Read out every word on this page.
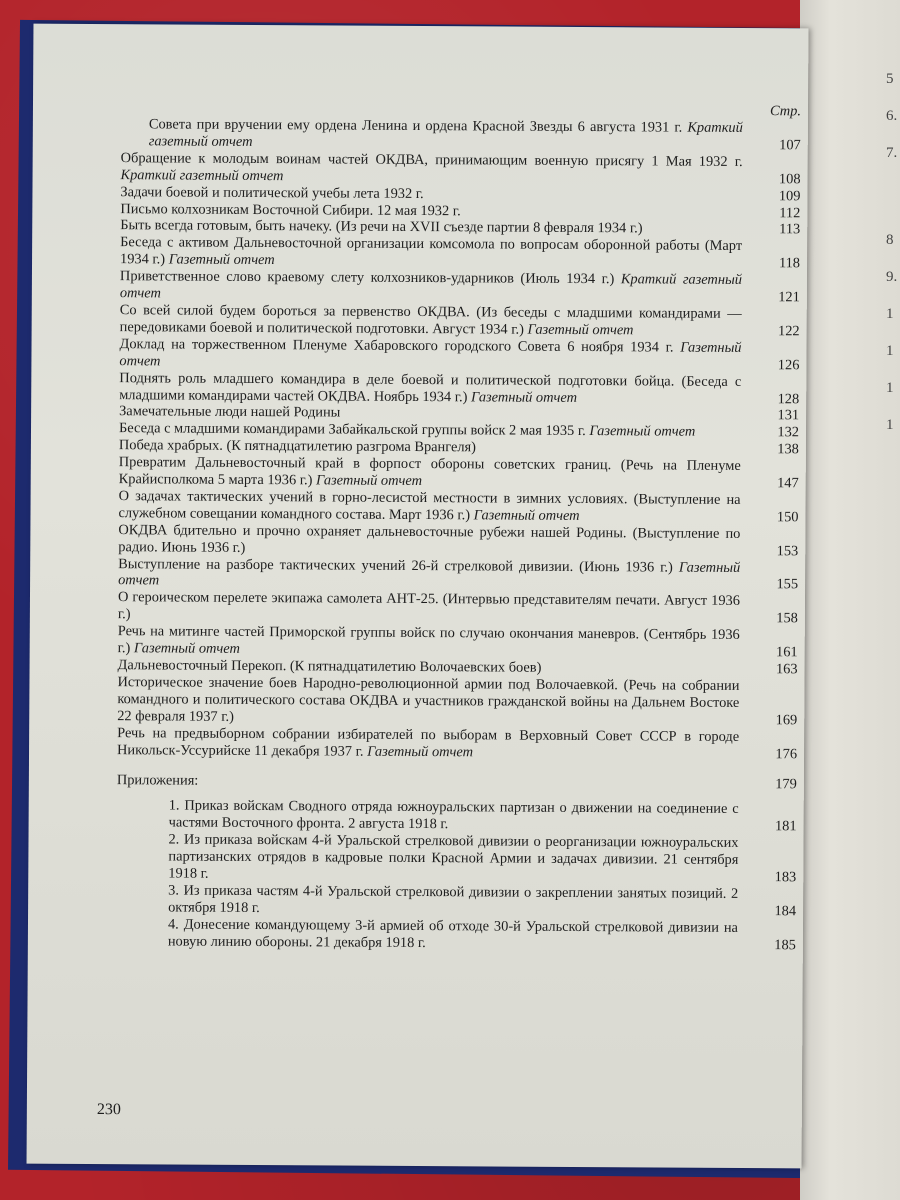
5
6.
7.
8
9.
1
1
1
1
Стр.
Совета при вручении ему ордена Ленина и ордена Красной Звезды 6 августа 1931 г. Краткий газетный отчет	107
Обращение к молодым воинам частей ОКДВА, принимающим военную присягу 1 Мая 1932 г. Краткий газетный отчет	108
Задачи боевой и политической учебы лета 1932 г.	109
Письмо колхозникам Восточной Сибири. 12 мая 1932 г.	112
Быть всегда готовым, быть начеку. (Из речи на XVII съезде партии 8 февраля 1934 г.)	113
Беседа с активом Дальневосточной организации комсомола по вопросам оборонной работы (Март 1934 г.) Газетный отчет	118
Приветственное слово краевому слету колхозников-ударников (Июль 1934 г.) Краткий газетный отчет	121
Со всей силой будем бороться за первенство ОКДВА. (Из беседы с младшими командирами — передовиками боевой и политической подготовки. Август 1934 г.) Газетный отчет	122
Доклад на торжественном Пленуме Хабаровского городского Совета 6 ноября 1934 г. Газетный отчет	126
Поднять роль младшего командира в деле боевой и политической подготовки бойца. (Беседа с младшими командирами частей ОКДВА. Ноябрь 1934 г.) Газетный отчет	128
Замечательные люди нашей Родины	131
Беседа с младшими командирами Забайкальской группы войск 2 мая 1935 г. Газетный отчет	132
Победа храбрых. (К пятнадцатилетию разгрома Врангеля)	138
Превратим Дальневосточный край в форпост обороны советских границ. (Речь на Пленуме Крайисполкома 5 марта 1936 г.) Газетный отчет	147
О задачах тактических учений в горно-лесистой местности в зимних условиях. (Выступление на служебном совещании командного состава. Март 1936 г.) Газетный отчет	150
ОКДВА бдительно и прочно охраняет дальневосточные рубежи нашей Родины. (Выступление по радио. Июнь 1936 г.)	153
Выступление на разборе тактических учений 26-й стрелковой дивизии. (Июнь 1936 г.) Газетный отчет	155
О героическом перелете экипажа самолета АНТ-25. (Интервью представителям печати. Август 1936 г.)	158
Речь на митинге частей Приморской группы войск по случаю окончания маневров. (Сентябрь 1936 г.) Газетный отчет	161
Дальневосточный Перекоп. (К пятнадцатилетию Волочаевских боев)	163
Историческое значение боев Народно-революционной армии под Волочаевкой. (Речь на собрании командного и политического состава ОКДВА и участников гражданской войны на Дальнем Востоке 22 февраля 1937 г.)	169
Речь на предвыборном собрании избирателей по выборам в Верховный Совет СССР в городе Никольск-Уссурийске 11 декабря 1937 г. Газетный отчет	176
Приложения:	179
1. Приказ войскам Сводного отряда южноуральских партизан о движении на соединение с частями Восточного фронта. 2 августа 1918 г.	181
2. Из приказа войскам 4-й Уральской стрелковой дивизии о реорганизации южноуральских партизанских отрядов в кадровые полки Красной Армии и задачах дивизии. 21 сентября 1918 г.	183
3. Из приказа частям 4-й Уральской стрелковой дивизии о закреплении занятых позиций. 2 октября 1918 г.	184
4. Донесение командующему 3-й армией об отходе 30-й Уральской стрелковой дивизии на новую линию обороны. 21 декабря 1918 г.	185
230
